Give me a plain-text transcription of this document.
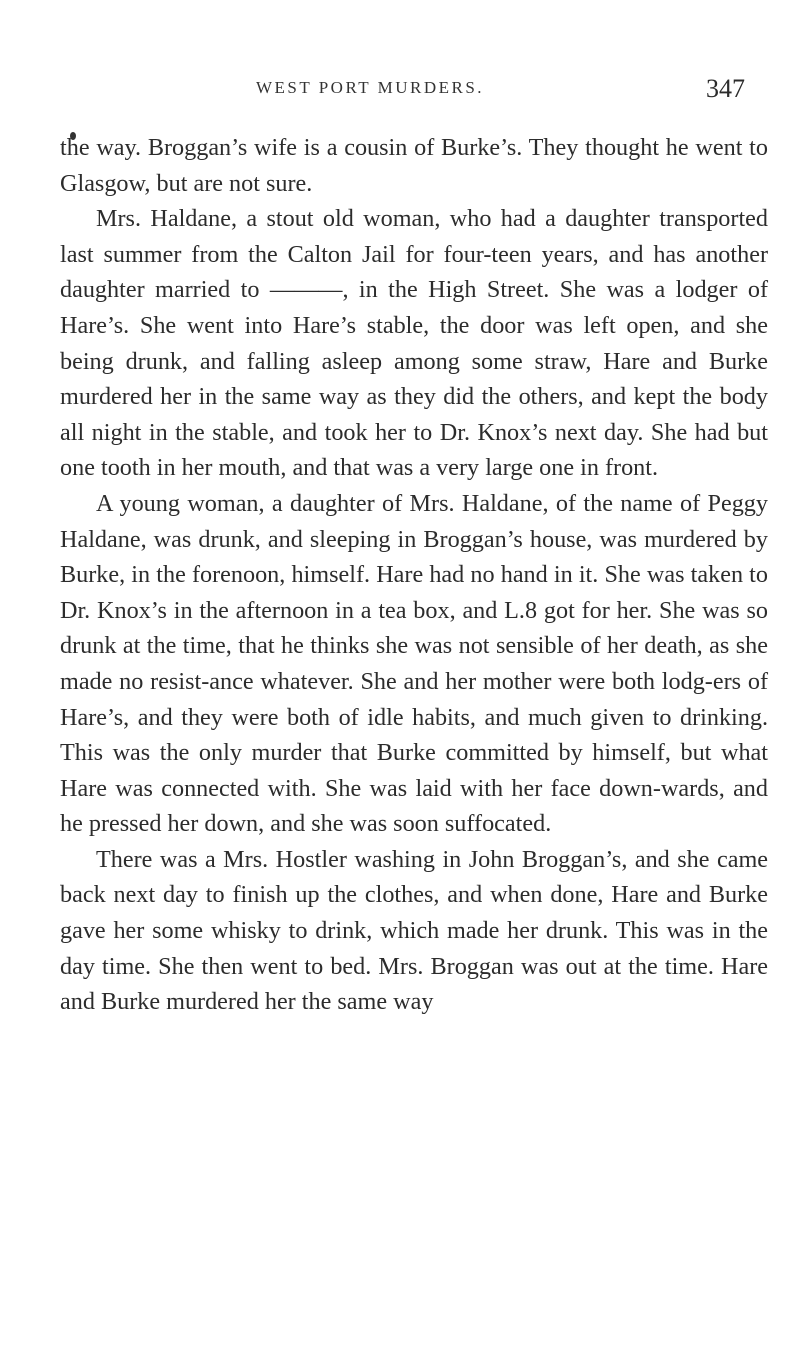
WEST PORT MURDERS.	347

the way. Broggan’s wife is a cousin of Burke’s. They thought he went to Glasgow, but are not sure.

Mrs. Haldane, a stout old woman, who had a daughter transported last summer from the Calton Jail for four-teen years, and has another daughter married to ———, in the High Street. She was a lodger of Hare’s. She went into Hare’s stable, the door was left open, and she being drunk, and falling asleep among some straw, Hare and Burke murdered her in the same way as they did the others, and kept the body all night in the stable, and took her to Dr. Knox’s next day. She had but one tooth in her mouth, and that was a very large one in front.

A young woman, a daughter of Mrs. Haldane, of the name of Peggy Haldane, was drunk, and sleeping in Broggan’s house, was murdered by Burke, in the forenoon, himself. Hare had no hand in it. She was taken to Dr. Knox’s in the afternoon in a tea box, and L.8 got for her. She was so drunk at the time, that he thinks she was not sensible of her death, as she made no resist-ance whatever. She and her mother were both lodg-ers of Hare’s, and they were both of idle habits, and much given to drinking. This was the only murder that Burke committed by himself, but what Hare was connected with. She was laid with her face down-wards, and he pressed her down, and she was soon suffocated.

There was a Mrs. Hostler washing in John Broggan’s, and she came back next day to finish up the clothes, and when done, Hare and Burke gave her some whisky to drink, which made her drunk. This was in the day time. She then went to bed. Mrs. Broggan was out at the time. Hare and Burke murdered her the same way
